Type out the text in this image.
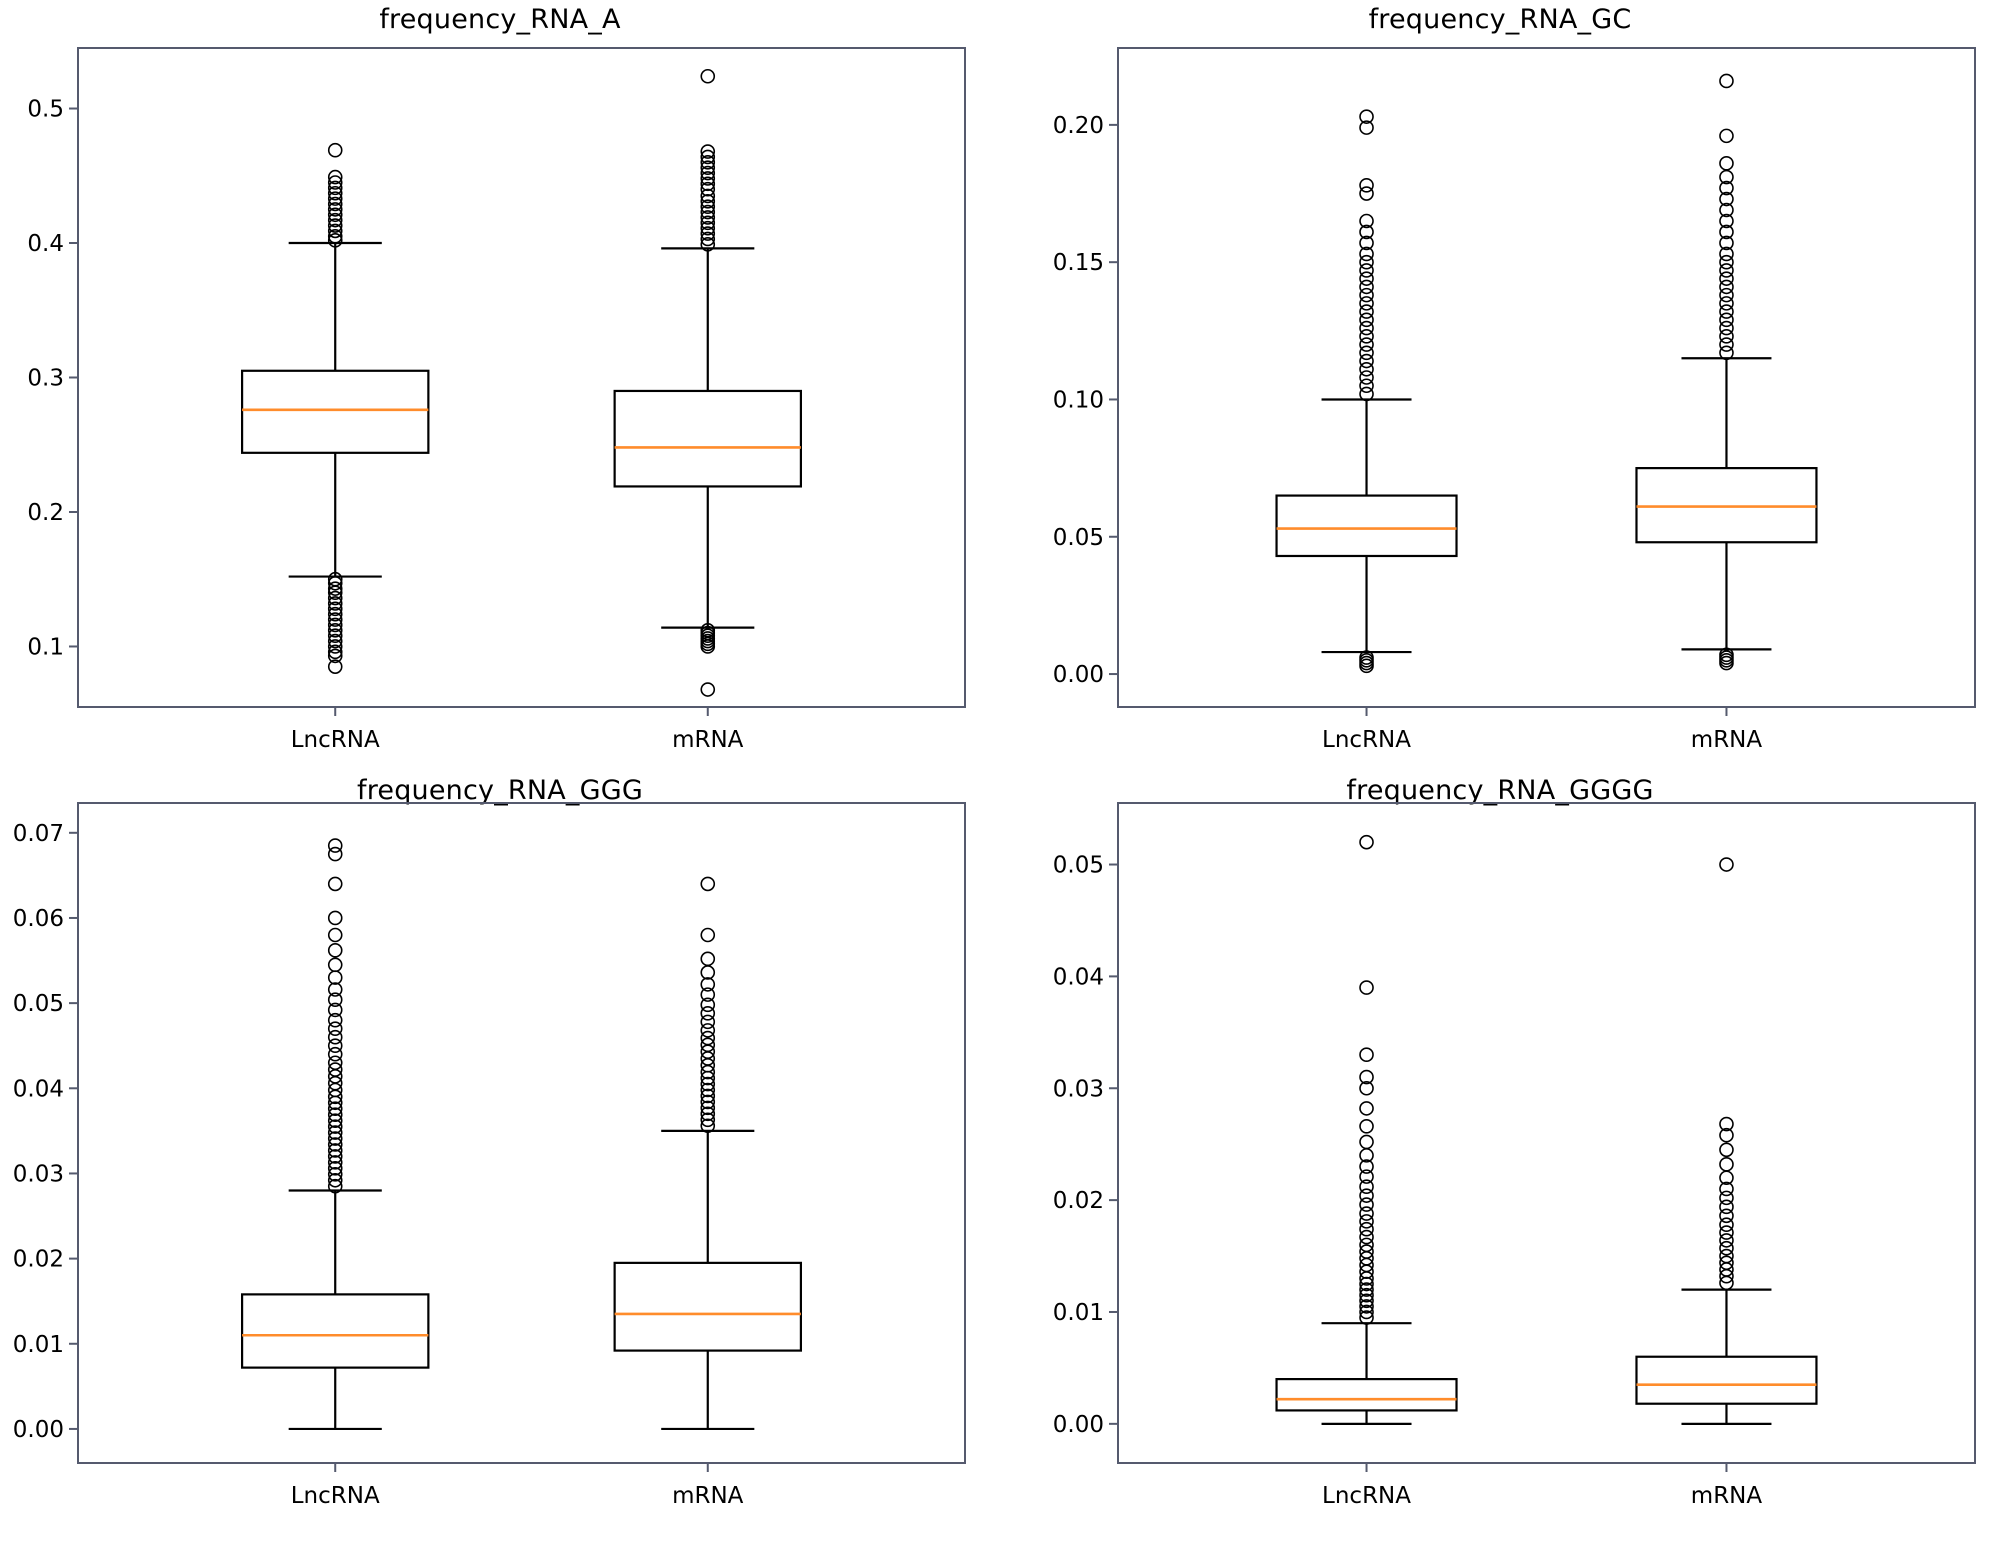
frequency_RNA_A
0.1
0.2
0.3
0.4
0.5
LncRNA	mRNA
frequency_RNA_GC
0.00
0.05
0.10
0.15
0.20
LncRNA	mRNA
frequency_RNA_GGG
0.00
0.01
0.02
0.03
0.04
0.05
0.06
0.07
LncRNA	mRNA
frequency_RNA_GGGG
0.00
0.01
0.02
0.03
0.04
0.05
LncRNA	mRNA
